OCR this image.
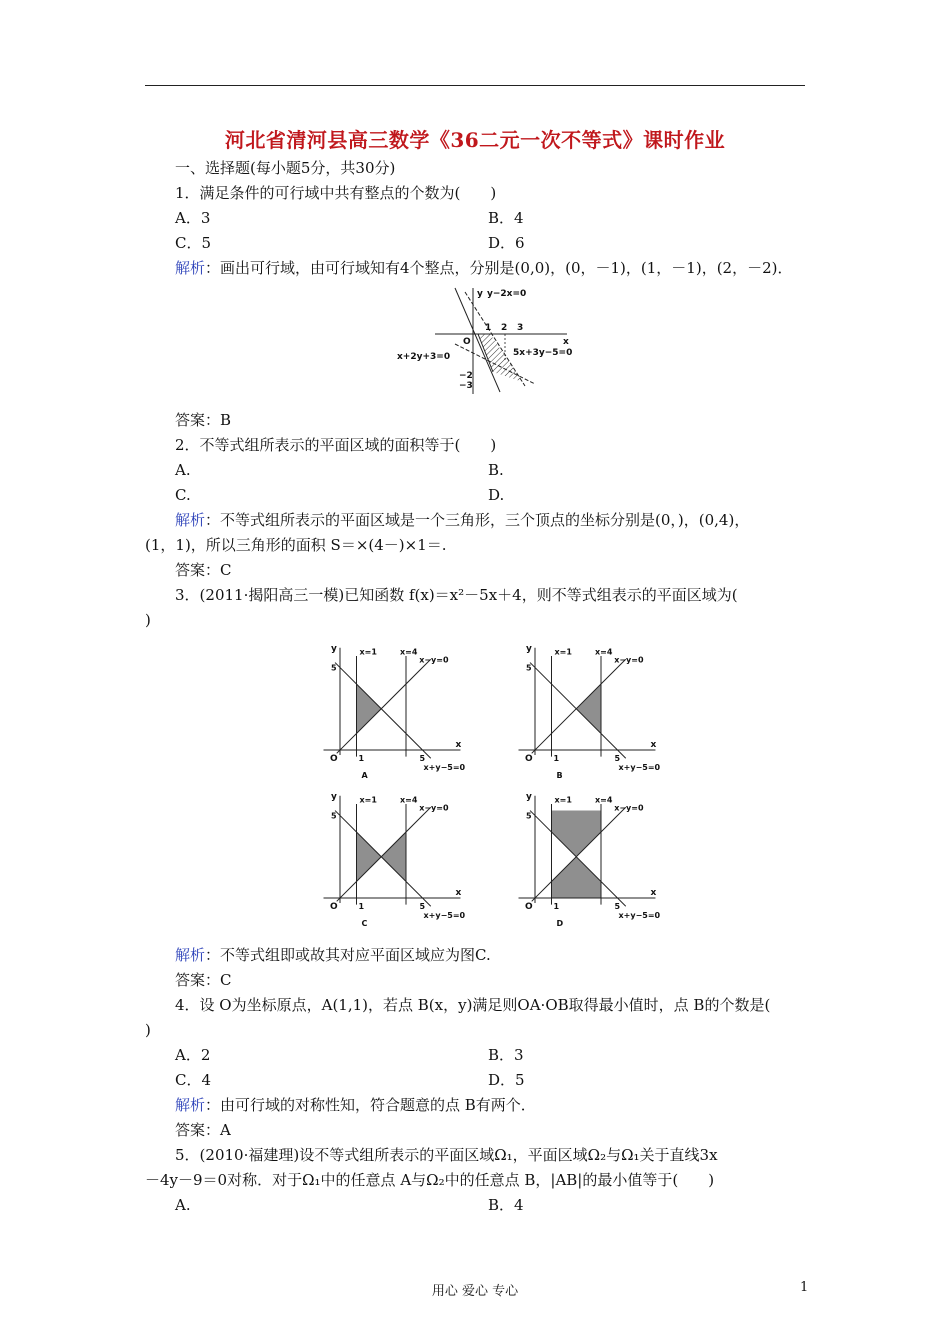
河北省清河县高三数学《36二元一次不等式》课时作业
一、选择题(每小题5分，共30分)
1．满足条件的可行域中共有整点的个数为(　　)
A．3	B．4
C．5	D．6
解析：画出可行域，由可行域知有4个整点，分别是(0,0)，(0，－1)，(1，－1)，(2，－2)．
y
x
O
y−2x=0
1 2 3
x+2y+3=0	5x+3y−5=0
−2
−3
答案：B
2．不等式组所表示的平面区域的面积等于(　　)
A.	B.
C.	D.
解析：不等式组所表示的平面区域是一个三角形，三个顶点的坐标分别是(0，)，(0,4)，
(1，1)，所以三角形的面积 S＝×(4－)×1＝.
答案：C
3．(2011·揭阳高三一模)已知函数 f(x)＝x²－5x＋4，则不等式组表示的平面区域为(
)
y
x
O	1	5
5
x=1	x=4
x−y=0
x+y−5=0
A
y
x
O	1	5
5
x=1	x=4
x−y=0
x+y−5=0
B
y
x
O	1	5
5
x=1	x=4
x−y=0
x+y−5=0
C
y
x
O	1	5
5
x=1	x=4
x−y=0
x+y−5=0
D
解析：不等式组即或故其对应平面区域应为图C.
答案：C
4．设 O为坐标原点，A(1,1)，若点 B(x，y)满足则OA·OB取得最小值时，点 B的个数是(
)
A．2	B．3
C．4	D．5
解析：由可行域的对称性知，符合题意的点 B有两个．
答案：A
5．(2010·福建理)设不等式组所表示的平面区域Ω₁，平面区域Ω₂与Ω₁关于直线3x
－4y－9＝0对称．对于Ω₁中的任意点 A与Ω₂中的任意点 B，|AB|的最小值等于(　　)
A.	B．4
用心 爱心 专心	1
